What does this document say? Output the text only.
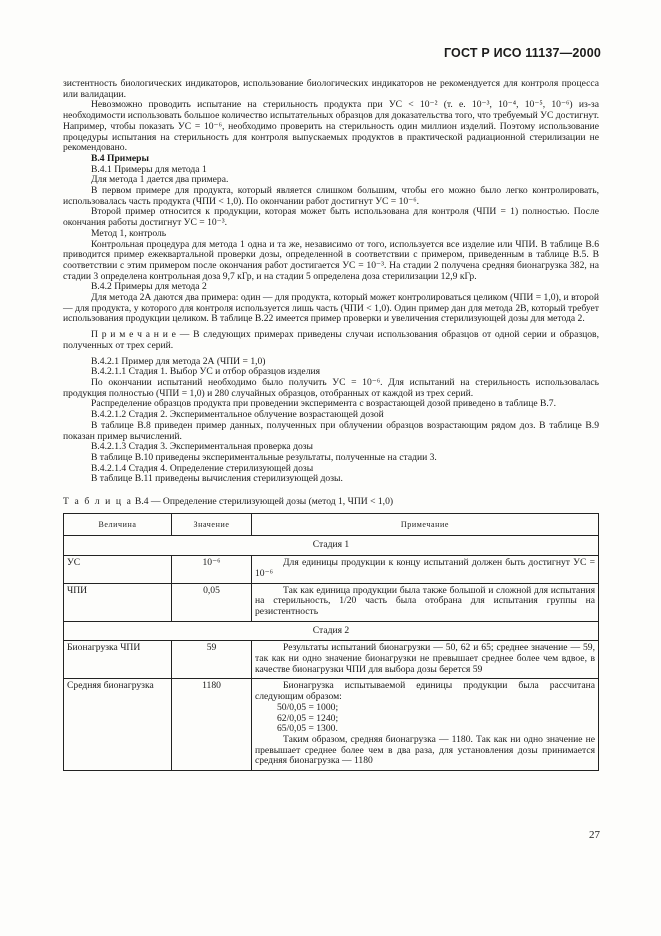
ГОСТ Р ИСО 11137—2000

зистентность биологических индикаторов, использование биологических индикаторов не рекомендуется для контроля процесса или валидации.

Невозможно проводить испытание на стерильность продукта при УС < 10⁻² (т. е. 10⁻³, 10⁻⁴, 10⁻⁵, 10⁻⁶) из-за необходимости использовать большое количество испытательных образцов для доказательства того, что требуемый УС достигнут. Например, чтобы показать УС = 10⁻⁶, необходимо проверить на стерильность один миллион изделий. Поэтому использование процедуры испытания на стерильность для контроля выпускаемых продуктов в практической радиационной стерилизации не рекомендовано.

В.4 Примеры

В.4.1 Примеры для метода 1

Для метода 1 дается два примера.

В первом примере для продукта, который является слишком большим, чтобы его можно было легко контролировать, использовалась часть продукта (ЧПИ < 1,0). По окончании работ достигнут УС = 10⁻⁶.

Второй пример относится к продукции, которая может быть использована для контроля (ЧПИ = 1) полностью. После окончания работы достигнут УС = 10⁻³.

Метод 1, контроль

Контрольная процедура для метода 1 одна и та же, независимо от того, используется все изделие или ЧПИ. В таблице В.6 приводится пример ежеквартальной проверки дозы, определенной в соответствии с примером, приведенным в таблице В.5. В соответствии с этим примером после окончания работ достигается УС = 10⁻³. На стадии 2 получена средняя бионагрузка 382, на стадии 3 определена контрольная доза 9,7 кГр, и на стадии 5 определена доза стерилизации 12,9 кГр.

В.4.2 Примеры для метода 2

Для метода 2А даются два примера: один — для продукта, который может контролироваться целиком (ЧПИ = 1,0), и второй — для продукта, у которого для контроля используется лишь часть (ЧПИ < 1,0). Один пример дан для метода 2В, который требует использования продукции целиком. В таблице В.22 имеется пример проверки и увеличения стерилизующей дозы для метода 2.

П р и м е ч а н и е — В следующих примерах приведены случаи использования образцов от одной серии и образцов, полученных от трех серий.

В.4.2.1 Пример для метода 2А (ЧПИ = 1,0)

В.4.2.1.1 Стадия 1. Выбор УС и отбор образцов изделия

По окончании испытаний необходимо было получить УС = 10⁻⁶. Для испытаний на стерильность использовалась продукция полностью (ЧПИ = 1,0) и 280 случайных образцов, отобранных от каждой из трех серий.

Распределение образцов продукта при проведении эксперимента с возрастающей дозой приведено в таблице В.7.

В.4.2.1.2 Стадия 2. Экспериментальное облучение возрастающей дозой

В таблице В.8 приведен пример данных, полученных при облучении образцов возрастающим рядом доз. В таблице В.9 показан пример вычислений.

В.4.2.1.3 Стадия 3. Экспериментальная проверка дозы

В таблице В.10 приведены экспериментальные результаты, полученные на стадии 3.

В.4.2.1.4 Стадия 4. Определение стерилизующей дозы

В таблице В.11 приведены вычисления стерилизующей дозы.

Т а б л и ц а В.4 — Определение стерилизующей дозы (метод 1, ЧПИ < 1,0)

Величина	Значение	Примечание
Стадия 1		
УС	10⁻⁶	Для единицы продукции к концу испытаний должен быть достигнут УС = 10⁻⁶

ЧПИ	0,05	Так как единица продукции была также большой и сложной для испытания на стерильность, 1/20 часть была отобрана для испытания группы на резистентность

Стадия 2		
Бионагрузка ЧПИ	59	Результаты испытаний бионагрузки — 50, 62 и 65; среднее значение — 59, так как ни одно значение бионагрузки не превышает среднее более чем вдвое, в качестве бионагрузки ЧПИ для выбора дозы берется 59

Средняя бионагрузка	1180	Бионагрузка испытываемой единицы продукции была рассчитана следующим образом:
50/0,05 = 1000;
62/0,05 = 1240;
65/0,05 = 1300.
Таким образом, средняя бионагрузка — 1180. Так как ни одно значение не превышает среднее более чем в два раза, для установления дозы принимается средняя бионагрузка — 1180
27
